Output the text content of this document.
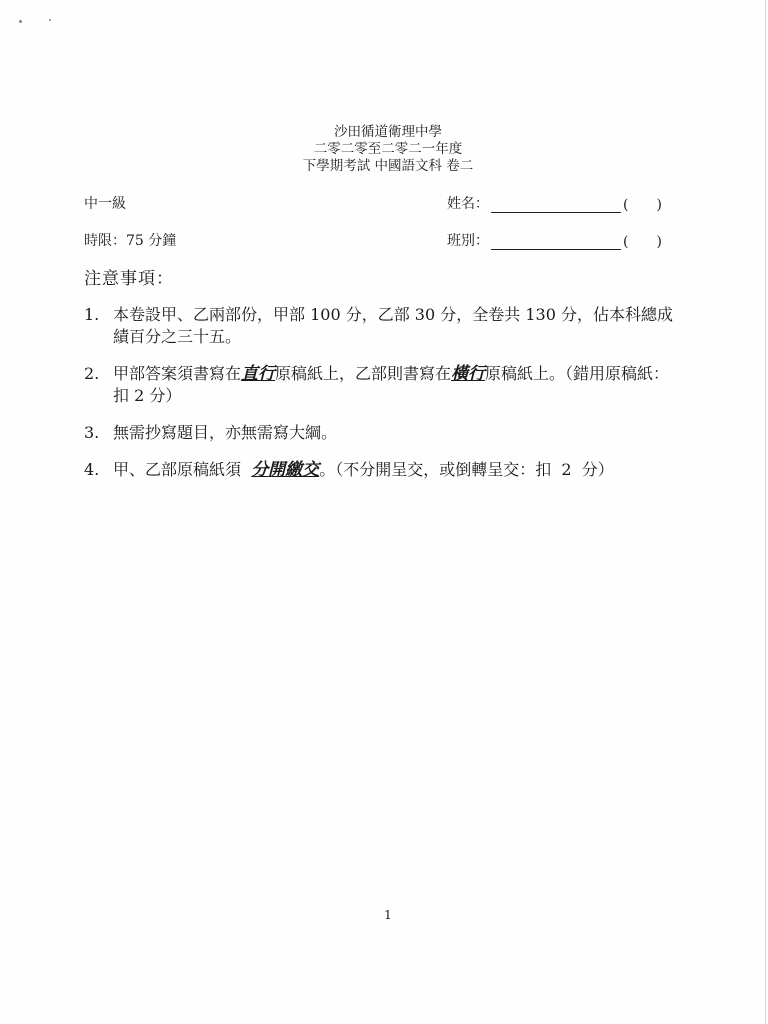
沙田循道衛理中學
二零二零至二零二一年度
下學期考試 中國語文科 卷二
中一級
時限：75 分鐘
姓名：	( )
班別：	( )
注意事項：
1. 本卷設甲、乙兩部份，甲部 100 分，乙部 30 分，全卷共 130 分，佔本科總成績百分之三十五。
2. 甲部答案須書寫在直行原稿紙上，乙部則書寫在橫行原稿紙上。（錯用原稿紙：扣 2 分）
3. 無需抄寫題目，亦無需寫大綱。
4. 甲、乙部原稿紙須  分開繳交。（不分開呈交，或倒轉呈交：扣  2  分）
1
